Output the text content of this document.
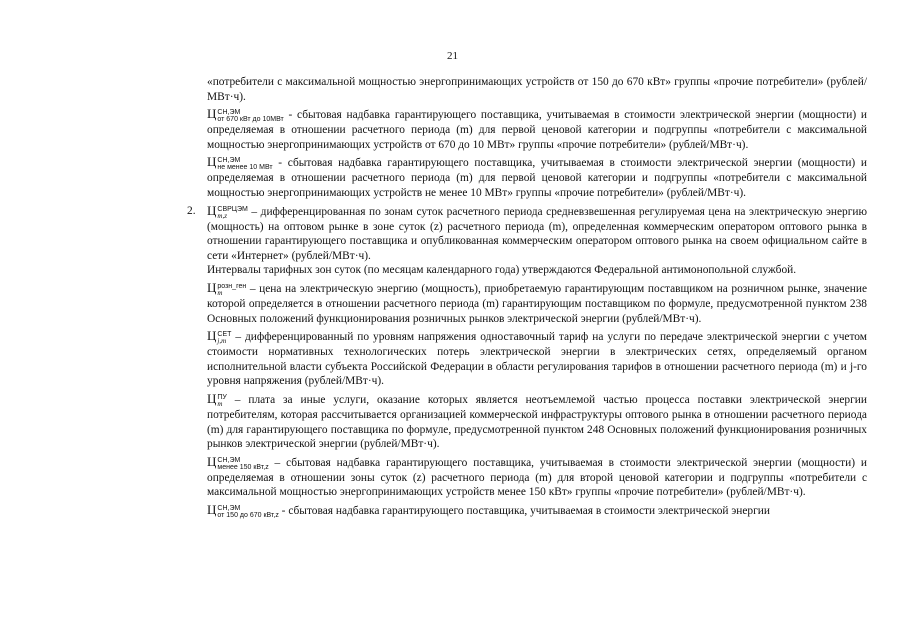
21

«потребители с максимальной мощностью энергопринимающих устройств от 150 до 670 кВт» группы «прочие потребители» (рублей/МВт·ч).

Ц СН,ЭМ
от 670 кВт до 10МВт - сбытовая надбавка гарантирующего поставщика, учитываемая в стоимости электрической энергии (мощности) и определяемая в отношении расчетного периода (m) для первой ценовой категории и подгруппы «потребители с максимальной мощностью энергопринимающих устройств от 670 до 10 МВт» группы «прочие потребители» (рублей/МВт·ч).

Ц СН,ЭМ
не менее 10 МВт - сбытовая надбавка гарантирующего поставщика, учитываемая в стоимости электрической энергии (мощности) и определяемая в отношении расчетного периода (m) для первой ценовой категории и подгруппы «потребители с максимальной мощностью энергопринимающих устройств не менее 10 МВт» группы «прочие потребители» (рублей/МВт·ч).

2. Ц СВРЦЭМ
m,z	– дифференцированная по зонам суток расчетного периода средневзвешенная регулируемая цена на электрическую энергию (мощность) на оптовом рынке в зоне суток (z) расчетного периода (m), определенная коммерческим оператором оптового рынка в отношении гарантирующего поставщика и опубликованная коммерческим оператором оптового рынка на своем официальном сайте в сети «Интернет» (рублей/МВт·ч).

Интервалы тарифных зон суток (по месяцам календарного года) утверждаются Федеральной антимонопольной службой.

Ц розн_ген
m	– цена на электрическую энергию (мощность), приобретаемую гарантирующим поставщиком на розничном рынке, значение которой определяется в отношении расчетного периода (m) гарантирующим поставщиком по формуле, предусмотренной пунктом 238 Основных положений функционирования розничных рынков электрической энергии (рублей/МВт·ч).

Ц СЕТ
j,m – дифференцированный по уровням напряжения одноставочный тариф на услуги по передаче электрической энергии с учетом стоимости нормативных технологических потерь электрической энергии в электрических сетях, определяемый органом исполнительной власти субъекта Российской Федерации в области регулирования тарифов в отношении расчетного периода (m) и j-го уровня напряжения (рублей/МВт·ч).

Ц ПУ
m – плата за иные услуги, оказание которых является неотъемлемой частью процесса поставки электрической энергии потребителям, которая рассчитывается организацией коммерческой инфраструктуры оптового рынка в отношении расчетного периода (m) для гарантирующего поставщика по формуле, предусмотренной пунктом 248 Основных положений функционирования розничных рынков электрической энергии (рублей/МВт·ч).

Ц СН,ЭМ
менее 150 кВт,z – сбытовая надбавка гарантирующего поставщика, учитываемая в стоимости электрической энергии (мощности) и определяемая в отношении зоны суток (z) расчетного периода (m) для второй ценовой категории и подгруппы «потребители с максимальной мощностью энергопринимающих устройств менее 150 кВт» группы «прочие потребители» (рублей/МВт·ч).

Ц СН,ЭМ
от 150 до 670 кВт,z - сбытовая надбавка гарантирующего поставщика, учитываемая в стоимости электрической энергии
